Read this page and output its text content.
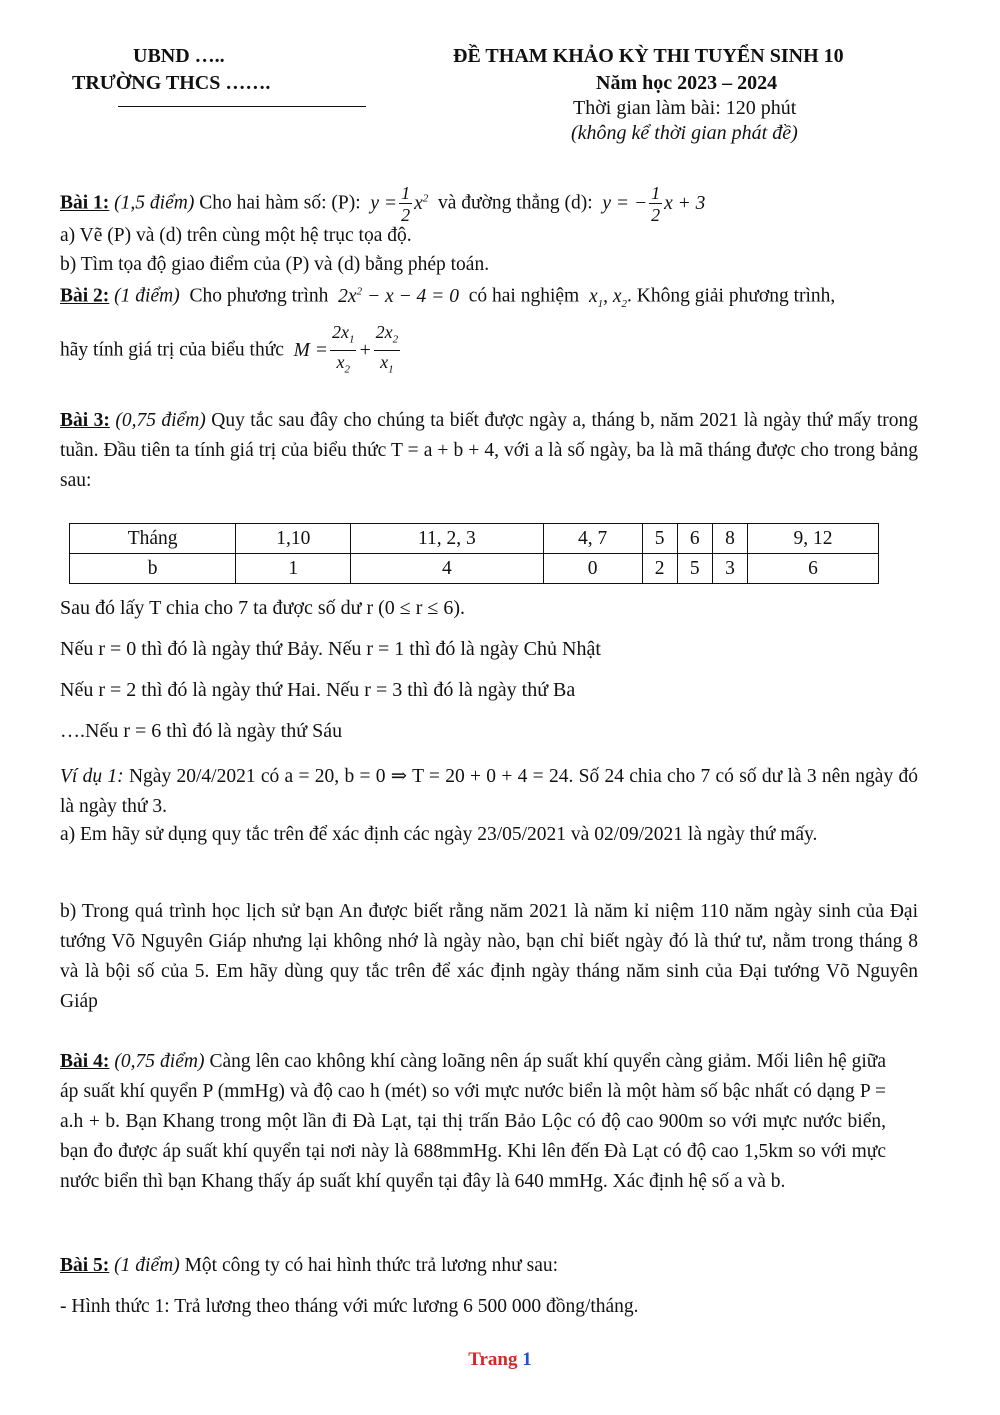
UBND …..
TRƯỜNG THCS …….
ĐỀ THAM KHẢO KỲ THI TUYỂN SINH 10
Năm học 2023 – 2024
Thời gian làm bài: 120 phút
(không kể thời gian phát đề)
Bài 1: (1,5 điểm) Cho hai hàm số: (P):  $y = \frac{1}{2} x^2$ và đường thẳng (d):  y = − $\frac{1}{2}$ x + 3
a) Vẽ (P) và (d) trên cùng một hệ trục tọa độ.
b) Tìm tọa độ giao điểm của (P) và (d) bằng phép toán.
Bài 2: (1 điểm) Cho phương trình  $2x^2 - x - 4 = 0$  có hai nghiệm  $x_1$, $x_2$. Không giải phương trình,
hãy tính giá trị của biểu thức  $M = \frac{2x_1}{x_2} + \frac{2x_2}{x_1}$
Bài 3: (0,75 điểm) Quy tắc sau đây cho chúng ta biết được ngày a, tháng b, năm 2021 là ngày thứ mấy trong tuần. Đầu tiên ta tính giá trị của biểu thức T = a + b + 4, với a là số ngày, ba là mã tháng được cho trong bảng sau:
Tháng	1,10	11, 2, 3	4, 7	5	6	8	9, 12
b	1	4	0	2	5	3	6
Sau đó lấy T chia cho 7 ta được số dư r (0 ≤ r ≤ 6).
Nếu r = 0 thì đó là ngày thứ Bảy. Nếu r = 1 thì đó là ngày Chủ Nhật
Nếu r = 2 thì đó là ngày thứ Hai. Nếu r = 3 thì đó là ngày thứ Ba
….Nếu r = 6 thì đó là ngày thứ Sáu
Ví dụ 1: Ngày 20/4/2021 có a = 20, b = 0 ⇒ T = 20 + 0 + 4 = 24. Số 24 chia cho 7 có số dư là 3 nên ngày đó là ngày thứ 3.
a) Em hãy sử dụng quy tắc trên để xác định các ngày 23/05/2021 và 02/09/2021 là ngày thứ mấy.
b) Trong quá trình học lịch sử bạn An được biết rằng năm 2021 là năm kỉ niệm 110 năm ngày sinh của Đại tướng Võ Nguyên Giáp nhưng lại không nhớ là ngày nào, bạn chỉ biết ngày đó là thứ tư, nằm trong tháng 8 và là bội số của 5. Em hãy dùng quy tắc trên để xác định ngày tháng năm sinh của Đại tướng Võ Nguyên Giáp
Bài 4: (0,75 điểm) Càng lên cao không khí càng loãng nên áp suất khí quyển càng giảm. Mối liên hệ giữa áp suất khí quyển P (mmHg) và độ cao h (mét) so với mực nước biển là một hàm số bậc nhất có dạng P = a.h + b. Bạn Khang trong một lần đi Đà Lạt, tại thị trấn Bảo Lộc có độ cao 900m so với mực nước biển, bạn đo được áp suất khí quyển tại nơi này là 688mmHg. Khi lên đến Đà Lạt có độ cao 1,5km so với mực nước biển thì bạn Khang thấy áp suất khí quyển tại đây là 640 mmHg. Xác định hệ số a và b.
Bài 5: (1 điểm) Một công ty có hai hình thức trả lương như sau:
- Hình thức 1: Trả lương theo tháng với mức lương 6 500 000 đồng/tháng.
Trang 1
